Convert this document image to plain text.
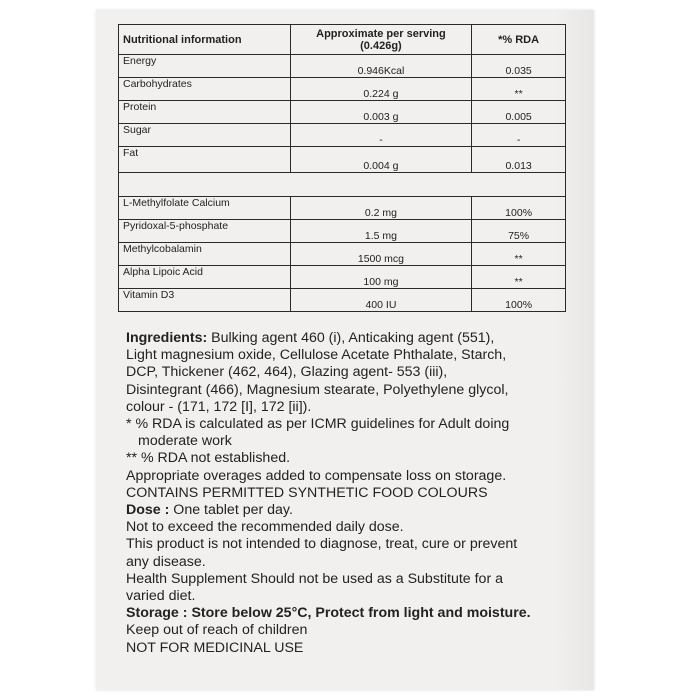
Nutritional information	Approximate per serving (0.426g)	*% RDA
Energy	0.946Kcal	0.035
Carbohydrates	0.224 g	**
Protein	0.003 g	0.005
Sugar	-	-
Fat	0.004 g	0.013

L-Methylfolate Calcium	0.2 mg	100%
Pyridoxal-5-phosphate	1.5 mg	75%
Methylcobalamin	1500 mcg	**
Alpha Lipoic Acid	100 mg	**
Vitamin D3	400 IU	100%

Ingredients: Bulking agent 460 (i), Anticaking agent (551),

Light magnesium oxide, Cellulose Acetate Phthalate, Starch,

DCP, Thickener (462, 464), Glazing agent- 553 (iii),

Disintegrant (466), Magnesium stearate, Polyethylene glycol,

colour - (171, 172 [I], 172 [ii]).

* % RDA is calculated as per ICMR guidelines for Adult doing

moderate work

** % RDA not established.

Appropriate overages added to compensate loss on storage.

CONTAINS PERMITTED SYNTHETIC FOOD COLOURS

Dose : One tablet per day.

Not to exceed the recommended daily dose.

This product is not intended to diagnose, treat, cure or prevent

any disease.

Health Supplement Should not be used as a Substitute for a

varied diet.

Storage : Store below 25°C, Protect from light and moisture.

Keep out of reach of children

NOT FOR MEDICINAL USE
